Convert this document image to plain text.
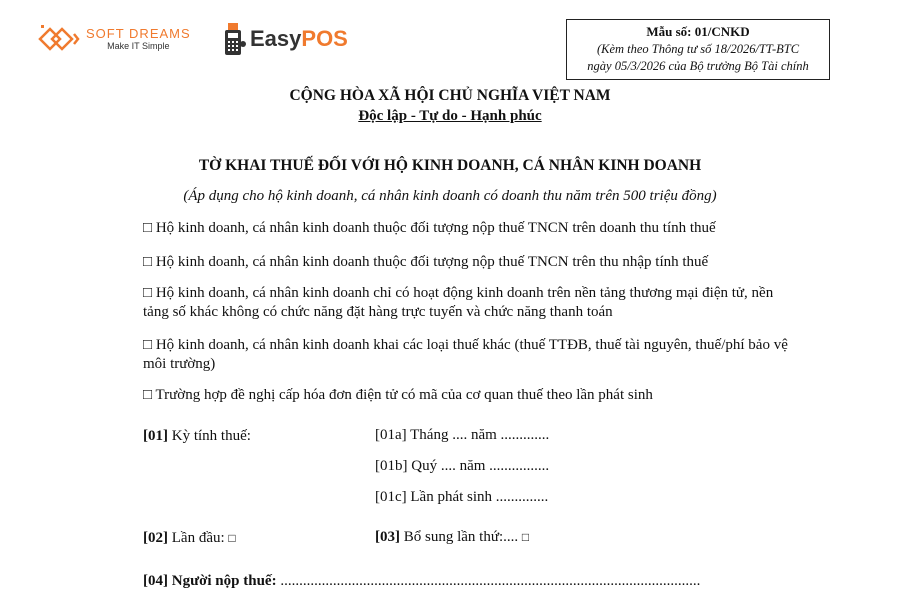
SOFT DREAMS
Make IT Simple	EasyPOS	Mẫu số: 01/CNKD
(Kèm theo Thông tư số 18/2026/TT-BTC
ngày 05/3/2026 của Bộ trưởng Bộ Tài chính
CỘNG HÒA XÃ HỘI CHỦ NGHĨA VIỆT NAM
Độc lập - Tự do - Hạnh phúc
TỜ KHAI THUẾ ĐỐI VỚI HỘ KINH DOANH, CÁ NHÂN KINH DOANH
(Áp dụng cho hộ kinh doanh, cá nhân kinh doanh có doanh thu năm trên 500 triệu đồng)
□ Hộ kinh doanh, cá nhân kinh doanh thuộc đối tượng nộp thuế TNCN trên doanh thu tính thuế
□ Hộ kinh doanh, cá nhân kinh doanh thuộc đối tượng nộp thuế TNCN trên thu nhập tính thuế
□ Hộ kinh doanh, cá nhân kinh doanh chỉ có hoạt động kinh doanh trên nền tảng thương mại điện tử, nền tảng số khác không có chức năng đặt hàng trực tuyến và chức năng thanh toán
□ Hộ kinh doanh, cá nhân kinh doanh khai các loại thuế khác (thuế TTĐB, thuế tài nguyên, thuế/phí bảo vệ môi trường)
□ Trường hợp đề nghị cấp hóa đơn điện tử có mã của cơ quan thuế theo lần phát sinh
[01] Kỳ tính thuế:	[01a] Tháng .... năm .............
[01b] Quý .... năm ................
[01c] Lần phát sinh ..............
[02] Lần đầu: □	[03] Bổ sung lần thứ:.... □
[04] Người nộp thuế: ................................................................................................................
